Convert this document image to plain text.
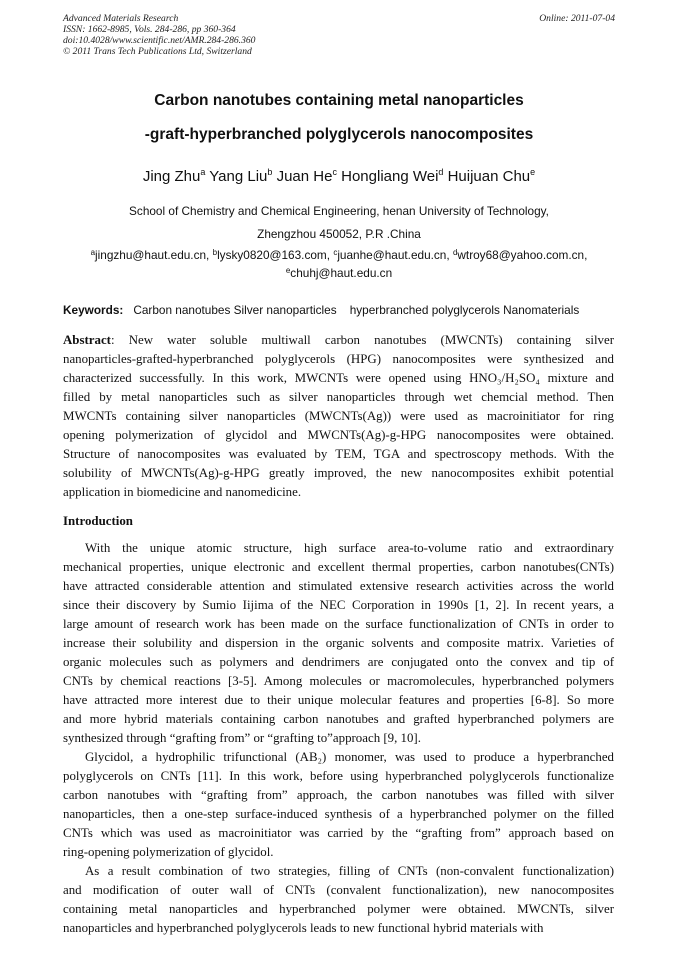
Advanced Materials Research
ISSN: 1662-8985, Vols. 284-286, pp 360-364
doi:10.4028/www.scientific.net/AMR.284-286.360
© 2011 Trans Tech Publications Ltd, Switzerland
Online: 2011-07-04
Carbon nanotubes containing metal nanoparticles
-graft-hyperbranched polyglycerols nanocomposites
Jing Zhu$^a$ Yang Liu$^b$ Juan He$^c$ Hongliang Wei$^d$ Huijuan Chu$^e$
School of Chemistry and Chemical Engineering, henan University of Technology,
Zhengzhou 450052, P.R .China
$^a$jingzhu@haut.edu.cn, $^b$lysky0820@163.com, $^c$juanhe@haut.edu.cn, $^d$wtroy68@yahoo.com.cn,
$^e$chuhj@haut.edu.cn
Keywords: Carbon nanotubes Silver nanoparticles    hyperbranched polyglycerols Nanomaterials
Abstract: New water soluble multiwall carbon nanotubes (MWCNTs) containing silver
nanoparticles-grafted-hyperbranched polyglycerols (HPG) nanocomposites were synthesized and
characterized successfully. In this work, MWCNTs were opened using HNO₃/H₂SO₄ mixture and
filled by metal nanoparticles such as silver nanoparticles through wet chemcial method. Then
MWCNTs containing silver nanoparticles (MWCNTs(Ag)) were used as macroinitiator for ring
opening polymerization of glycidol and MWCNTs(Ag)-g-HPG nanocomposites were obtained.
Structure of nanocomposites was evaluated by TEM, TGA and spectroscopy methods. With the
solubility of MWCNTs(Ag)-g-HPG greatly improved, the new nanocomposites exhibit potential
application in biomedicine and nanomedicine.
Introduction
With the unique atomic structure, high surface area-to-volume ratio and extraordinary
mechanical properties, unique electronic and excellent thermal properties, carbon nanotubes(CNTs)
have attracted considerable attention and stimulated extensive research activities across the world
since their discovery by Sumio Iijima of the NEC Corporation in 1990s [1, 2]. In recent years, a
large amount of research work has been made on the surface functionalization of CNTs in order to
increase their solubility and dispersion in the organic solvents and composite matrix. Varieties of
organic molecules such as polymers and dendrimers are conjugated onto the convex and tip of
CNTs by chemical reactions [3-5]. Among molecules or macromolecules, hyperbranched polymers
have attracted more interest due to their unique molecular features and properties [6-8]. So more
and more hybrid materials containing carbon nanotubes and grafted hyperbranched polymers are
synthesized through “grafting from” or “grafting to”approach [9, 10].
Glycidol, a hydrophilic trifunctional (AB₂) monomer, was used to produce a hyperbranched
polyglycerols on CNTs [11]. In this work, before using hyperbranched polyglycerols functionalize
carbon nanotubes with “grafting from” approach, the carbon nanotubes was filled with silver
nanoparticles, then a one-step surface-induced synthesis of a hyperbranched polymer on the filled
CNTs which was used as macroinitiator was carried by the “grafting from” approach based on
ring-opening polymerization of glycidol.
As a result combination of two strategies, filling of CNTs (non-convalent functionalization)
and modification of outer wall of CNTs (convalent functionalization), new nanocomposites
containing metal nanoparticles and hyperbranched polymer were obtained. MWCNTs, silver
nanoparticles and hyperbranched polyglycerols leads to new functional hybrid materials with
